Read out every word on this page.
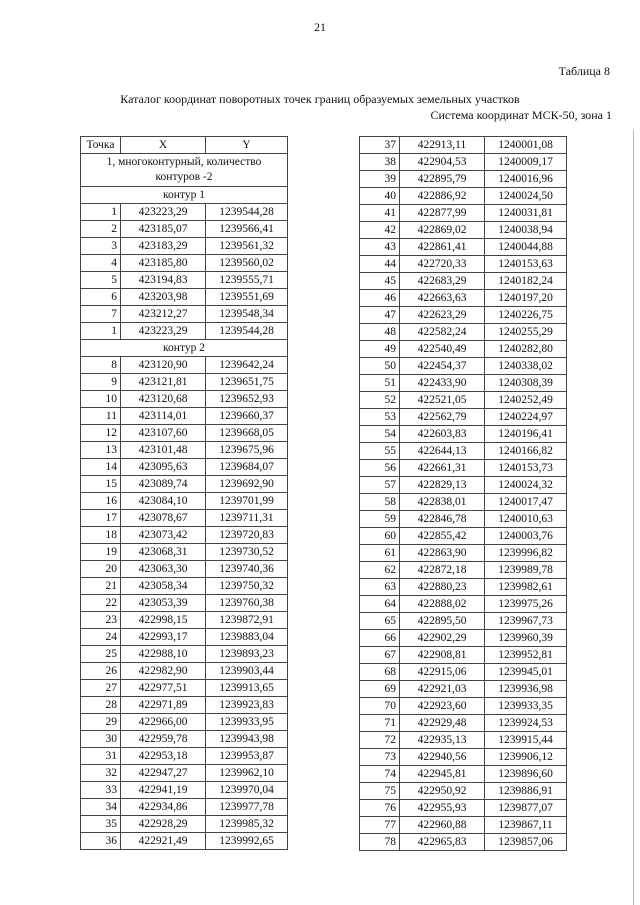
21
Таблица 8
Каталог координат поворотных точек границ образуемых земельных участков
Система координат МСК-50, зона 1
Точка	X	Y
1, многоконтурный, количество контуров -2		
контур 1		
1	423223,29	1239544,28
2	423185,07	1239566,41
3	423183,29	1239561,32
4	423185,80	1239560,02
5	423194,83	1239555,71
6	423203,98	1239551,69
7	423212,27	1239548,34
1	423223,29	1239544,28
контур 2		
8	423120,90	1239642,24
9	423121,81	1239651,75
10	423120,68	1239652,93
11	423114,01	1239660,37
12	423107,60	1239668,05
13	423101,48	1239675,96
14	423095,63	1239684,07
15	423089,74	1239692,90
16	423084,10	1239701,99
17	423078,67	1239711,31
18	423073,42	1239720,83
19	423068,31	1239730,52
20	423063,30	1239740,36
21	423058,34	1239750,32
22	423053,39	1239760,38
23	422998,15	1239872,91
24	422993,17	1239883,04
25	422988,10	1239893,23
26	422982,90	1239903,44
27	422977,51	1239913,65
28	422971,89	1239923,83
29	422966,00	1239933,95
30	422959,78	1239943,98
31	422953,18	1239953,87
32	422947,27	1239962,10
33	422941,19	1239970,04
34	422934,86	1239977,78
35	422928,29	1239985,32
36	422921,49	1239992,65
37	422913,11	1240001,08
38	422904,53	1240009,17
39	422895,79	1240016,96
40	422886,92	1240024,50
41	422877,99	1240031,81
42	422869,02	1240038,94
43	422861,41	1240044,88
44	422720,33	1240153,63
45	422683,29	1240182,24
46	422663,63	1240197,20
47	422623,29	1240226,75
48	422582,24	1240255,29
49	422540,49	1240282,80
50	422454,37	1240338,02
51	422433,90	1240308,39
52	422521,05	1240252,49
53	422562,79	1240224,97
54	422603,83	1240196,41
55	422644,13	1240166,82
56	422661,31	1240153,73
57	422829,13	1240024,32
58	422838,01	1240017,47
59	422846,78	1240010,63
60	422855,42	1240003,76
61	422863,90	1239996,82
62	422872,18	1239989,78
63	422880,23	1239982,61
64	422888,02	1239975,26
65	422895,50	1239967,73
66	422902,29	1239960,39
67	422908,81	1239952,81
68	422915,06	1239945,01
69	422921,03	1239936,98
70	422923,60	1239933,35
71	422929,48	1239924,53
72	422935,13	1239915,44
73	422940,56	1239906,12
74	422945,81	1239896,60
75	422950,92	1239886,91
76	422955,93	1239877,07
77	422960,88	1239867,11
78	422965,83	1239857,06
